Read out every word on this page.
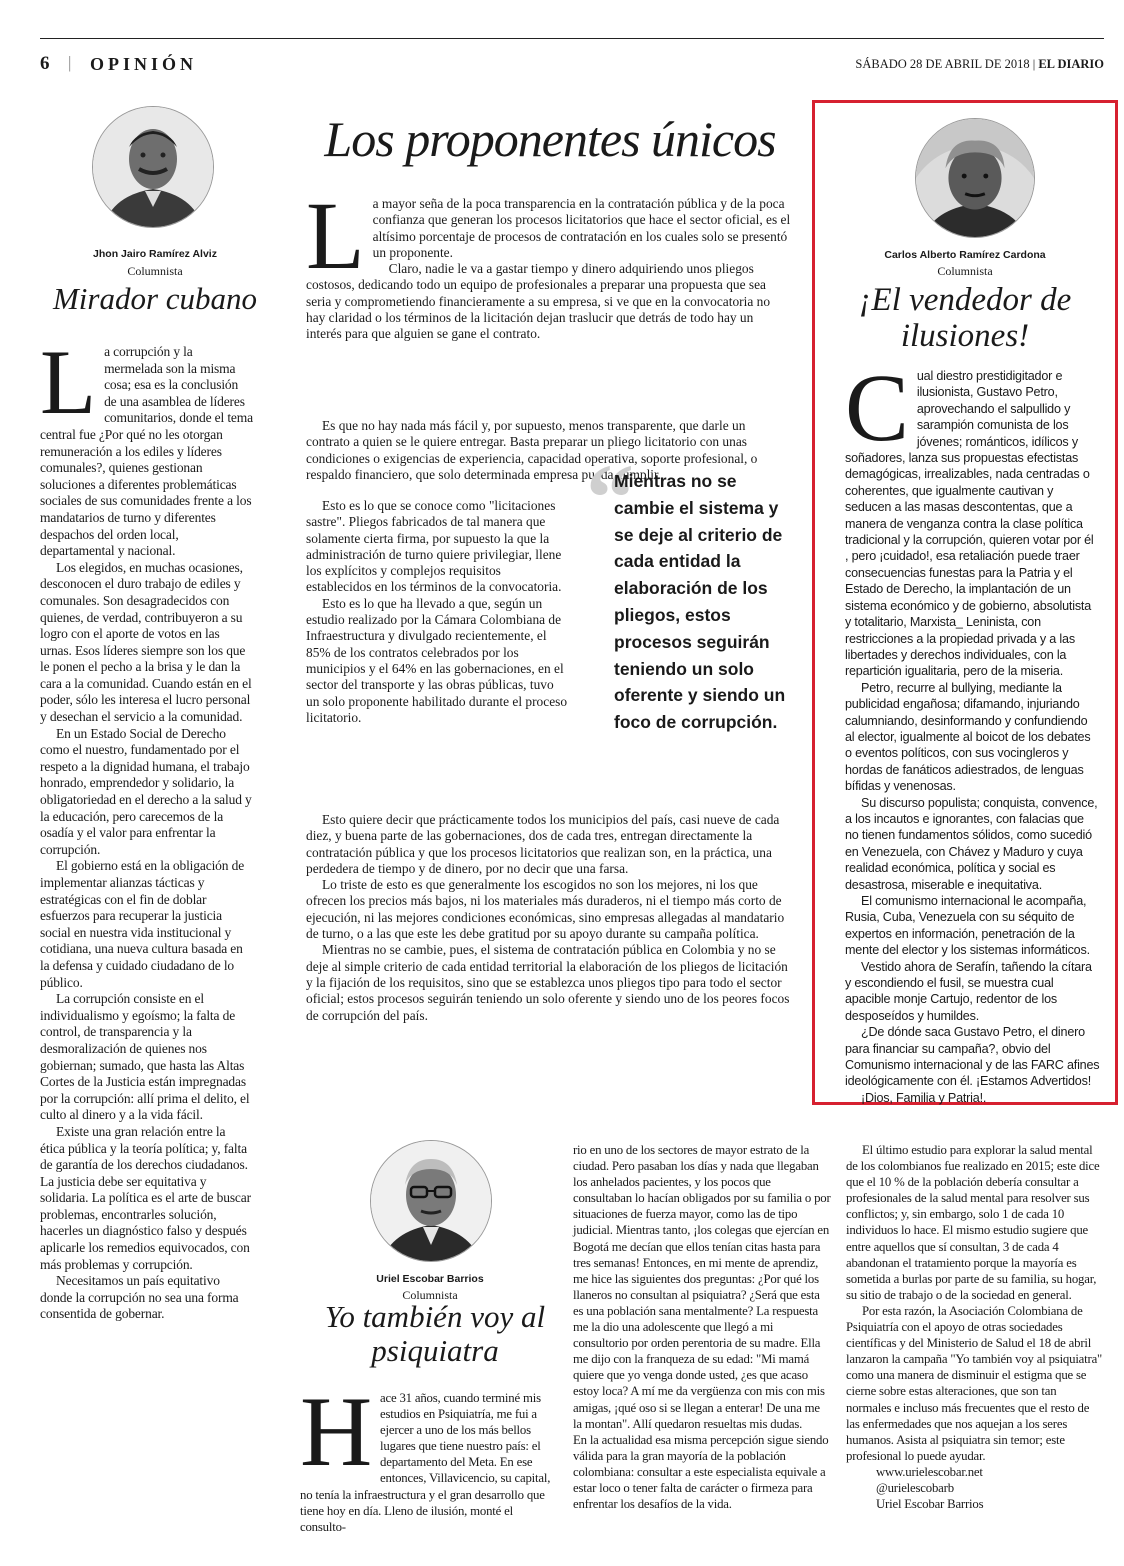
6 | OPINIÓN	SÁBADO 28 DE ABRIL DE 2018 | EL DIARIO
Jhon Jairo Ramírez Alviz
Columnista
Mirador cubano
L a corrupción y la mermelada son la misma cosa; esa es la conclusión de una asamblea de líderes comunitarios, donde el tema central fue ¿Por qué no les otorgan remuneración a los ediles y líderes comunales?, quienes gestionan soluciones a diferentes problemáticas sociales de sus comunidades frente a los mandatarios de turno y diferentes despachos del orden local, departamental y nacional.

Los elegidos, en muchas ocasiones, desconocen el duro trabajo de ediles y comunales. Son desagradecidos con quienes, de verdad, contribuyeron a su logro con el aporte de votos en las urnas. Esos líderes siempre son los que le ponen el pecho a la brisa y le dan la cara a la comunidad. Cuando están en el poder, sólo les interesa el lucro personal y desechan el servicio a la comunidad.

En un Estado Social de Derecho como el nuestro, fundamentado por el respeto a la dignidad humana, el trabajo honrado, emprendedor y solidario, la obligatoriedad en el derecho a la salud y la educación, pero carecemos de la osadía y el valor para enfrentar la corrupción.

El gobierno está en la obligación de implementar alianzas tácticas y estratégicas con el fin de doblar esfuerzos para recuperar la justicia social en nuestra vida institucional y cotidiana, una nueva cultura basada en la defensa y cuidado ciudadano de lo público.

La corrupción consiste en el individualismo y egoísmo; la falta de control, de transparencia y la desmoralización de quienes nos gobiernan; sumado, que hasta las Altas Cortes de la Justicia están impregnadas por la corrupción: allí prima el delito, el culto al dinero y a la vida fácil.

Existe una gran relación entre la ética pública y la teoría política; y, falta de garantía de los derechos ciudadanos. La justicia debe ser equitativa y solidaria. La política es el arte de buscar problemas, encontrarles solución, hacerles un diagnóstico falso y después aplicarle los remedios equivocados, con más problemas y corrupción.

Necesitamos un país equitativo donde la corrupción no sea una forma consentida de gobernar.

Los proponentes únicos
L a mayor seña de la poca transparencia en la contratación pública y de la poca confianza que generan los procesos licitatorios que hace el sector oficial, es el altísimo porcentaje de procesos de contratación en los cuales solo se presentó un proponente.

Claro, nadie le va a gastar tiempo y dinero adquiriendo unos pliegos costosos, dedicando todo un equipo de profesionales a preparar una propuesta que sea seria y comprometiendo financieramente a su empresa, si ve que en la convocatoria no hay claridad o los términos de la licitación dejan traslucir que detrás de todo hay un interés para que alguien se gane el contrato.

Es que no hay nada más fácil y, por supuesto, menos transparente, que darle un contrato a quien se le quiere entregar. Basta preparar un pliego licitatorio con unas condiciones o exigencias de experiencia, capacidad operativa, soporte profesional, o respaldo financiero, que solo determinada empresa pueda cumplir.

Esto es lo que se conoce como "licitaciones sastre". Pliegos fabricados de tal manera que solamente cierta firma, por supuesto la que la administración de turno quiere privilegiar, llene los explícitos y complejos requisitos establecidos en los términos de la convocatoria.

Esto es lo que ha llevado a que, según un estudio realizado por la Cámara Colombiana de Infraestructura y divulgado recientemente, el 85% de los contratos celebrados por los municipios y el 64% en las gobernaciones, en el sector del transporte y las obras públicas, tuvo un solo proponente habilitado durante el proceso licitatorio.

“
Mientras no se cambie el sistema y se deje al criterio de cada entidad la elaboración de los pliegos, estos procesos seguirán teniendo un solo oferente y siendo un foco de corrupción.

Esto quiere decir que prácticamente todos los municipios del país, casi nueve de cada diez, y buena parte de las gobernaciones, dos de cada tres, entregan directamente la contratación pública y que los procesos licitatorios que realizan son, en la práctica, una perdedera de tiempo y de dinero, por no decir que una farsa.

Lo triste de esto es que generalmente los escogidos no son los mejores, ni los que ofrecen los precios más bajos, ni los materiales más duraderos, ni el tiempo más corto de ejecución, ni las mejores condiciones económicas, sino empresas allegadas al mandatario de turno, o a las que este les debe gratitud por su apoyo durante su campaña política.

Mientras no se cambie, pues, el sistema de contratación pública en Colombia y no se deje al simple criterio de cada entidad territorial la elaboración de los pliegos de licitación y la fijación de los requisitos, sino que se establezca unos pliegos tipo para todo el sector oficial; estos procesos seguirán teniendo un solo oferente y siendo uno de los peores focos de corrupción del país.

Carlos Alberto Ramírez Cardona
Columnista
¡El vendedor de ilusiones!
C ual diestro prestidigitador e ilusionista, Gustavo Petro, aprovechando el salpullido y sarampión comunista de los jóvenes; románticos, idílicos y soñadores, lanza sus propuestas efectistas demagógicas, irrealizables, nada centradas o coherentes, que igualmente cautivan y seducen a las masas descontentas, que a manera de venganza contra la clase política tradicional y la corrupción, quieren votar por él , pero ¡cuidado!, esa retaliación puede traer consecuencias funestas para la Patria y el Estado de Derecho, la implantación de un sistema económico y de gobierno, absolutista y totalitario, Marxista_ Leninista, con restricciones a la propiedad privada y a las libertades y derechos individuales, con la repartición igualitaria, pero de la miseria.

Petro, recurre al bullying, mediante la publicidad engañosa; difamando, injuriando calumniando, desinformando y confundiendo al elector, igualmente al boicot de los debates o eventos políticos, con sus vocingleros y hordas de fanáticos adiestrados, de lenguas bífidas y venenosas.

Su discurso populista; conquista, convence, a los incautos e ignorantes, con falacias que no tienen fundamentos sólidos, como sucedió en Venezuela, con Chávez y Maduro y cuya realidad económica, política y social es desastrosa, miserable e inequitativa.

El comunismo internacional le acompaña, Rusia, Cuba, Venezuela con su séquito de expertos en información, penetración de la mente del elector y los sistemas informáticos.

Vestido ahora de Serafín, tañendo la cítara y escondiendo el fusil, se muestra cual apacible monje Cartujo, redentor de los desposeídos y humildes.

¿De dónde saca Gustavo Petro, el dinero para financiar su campaña?, obvio del Comunismo internacional y de las FARC afines ideológicamente con él. ¡Estamos Advertidos!

¡Dios, Familia y Patria!.

Uriel Escobar Barrios
Columnista
Yo también voy al psiquiatra
H ace 31 años, cuando terminé mis estudios en Psiquiatría, me fui a ejercer a uno de los más bellos lugares que tiene nuestro país: el departamento del Meta. En ese entonces, Villavicencio, su capital, no tenía la infraestructura y el gran desarrollo que tiene hoy en día. Lleno de ilusión, monté el consulto-

rio en uno de los sectores de mayor estrato de la ciudad. Pero pasaban los días y nada que llegaban los anhelados pacientes, y los pocos que consultaban lo hacían obligados por su familia o por situaciones de fuerza mayor, como las de tipo judicial. Mientras tanto, ¡los colegas que ejercían en Bogotá me decían que ellos tenían citas hasta para tres semanas! Entonces, en mi mente de aprendiz, me hice las siguientes dos preguntas: ¿Por qué los llaneros no consultan al psiquiatra? ¿Será que esta es una población sana mentalmente? La respuesta me la dio una adolescente que llegó a mi consultorio por orden perentoria de su madre. Ella me dijo con la franqueza de su edad: "Mi mamá quiere que yo venga donde usted, ¿es que acaso estoy loca? A mí me da vergüenza con mis con mis amigas, ¡qué oso si se llegan a enterar! De una me la montan". Allí quedaron resueltas mis dudas.

En la actualidad esa misma percepción sigue siendo válida para la gran mayoría de la población colombiana: consultar a este especialista equivale a estar loco o tener falta de carácter o firmeza para enfrentar los desafíos de la vida.

El último estudio para explorar la salud mental de los colombianos fue realizado en 2015; este dice que el 10 % de la población debería consultar a profesionales de la salud mental para resolver sus conflictos; y, sin embargo, solo 1 de cada 10 individuos lo hace. El mismo estudio sugiere que entre aquellos que sí consultan, 3 de cada 4 abandonan el tratamiento porque la mayoría es sometida a burlas por parte de su familia, su hogar, su sitio de trabajo o de la sociedad en general.

Por esta razón, la Asociación Colombiana de Psiquiatría con el apoyo de otras sociedades científicas y del Ministerio de Salud el 18 de abril lanzaron la campaña "Yo también voy al psiquiatra" como una manera de disminuir el estigma que se cierne sobre estas alteraciones, que son tan normales e incluso más frecuentes que el resto de las enfermedades que nos aquejan a los seres humanos. Asista al psiquiatra sin temor; este profesional lo puede ayudar.

www.urielescobar.net
@urielescobarb
Uriel Escobar Barrios
